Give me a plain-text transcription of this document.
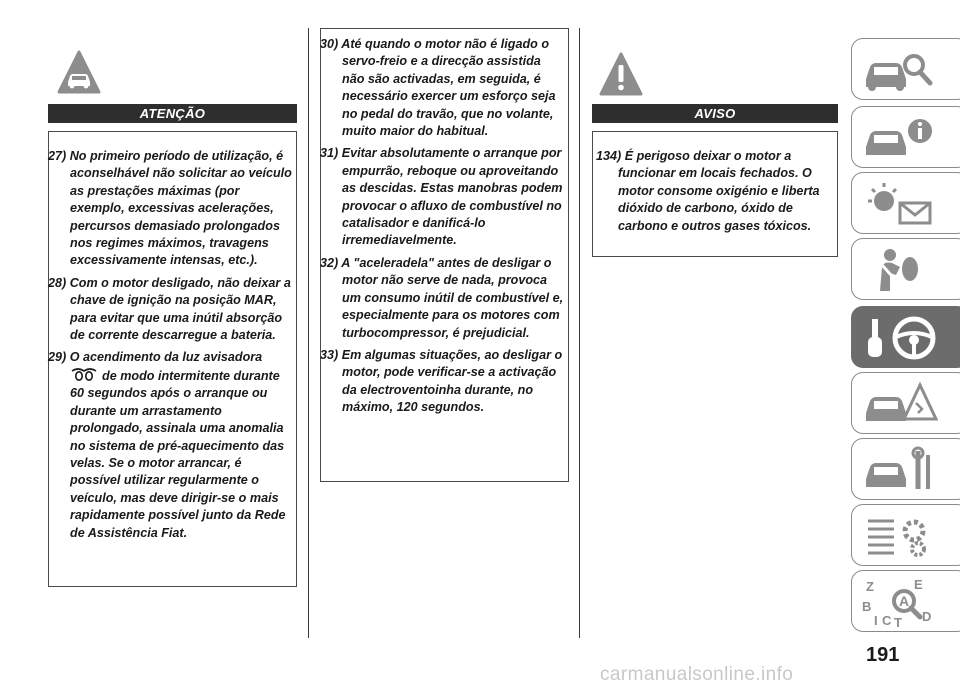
ATENÇÃO

27) No primeiro período de utilização, é aconselhável não solicitar ao veículo as prestações máximas (por exemplo, excessivas acelerações, percursos demasiado prolongados nos regimes máximos, travagens excessivamente intensas, etc.).

28) Com o motor desligado, não deixar a chave de ignição na posição MAR, para evitar que uma inútil absorção de corrente descarregue a bateria.

29) O acendimento da luz avisadora
de modo intermitente durante 60 segundos após o arranque ou durante um arrastamento prolongado, assinala uma anomalia no sistema de pré-aquecimento das velas. Se o motor arrancar, é possível utilizar regularmente o veículo, mas deve dirigir-se o mais rapidamente possível junto da Rede de Assistência Fiat.

30) Até quando o motor não é ligado o servo-freio e a direcção assistida não são activadas, em seguida, é necessário exercer um esforço seja no pedal do travão, que no volante, muito maior do habitual.

31) Evitar absolutamente o arranque por empurrão, reboque ou aproveitando as descidas. Estas manobras podem provocar o afluxo de combustível no catalisador e danificá-lo irremediavelmente.

32) A "aceleradela" antes de desligar o motor não serve de nada, provoca um consumo inútil de combustível e, especialmente para os motores com turbocompressor, é prejudicial.

33) Em algumas situações, ao desligar o motor, pode verificar-se a activação da electroventoinha durante, no máximo, 120 segundos.

AVISO

134) É perigoso deixar o motor a funcionar em locais fechados. O motor consome oxigénio e liberta dióxido de carbono, óxido de carbono e outros gases tóxicos.

Z	E
B
I C T D
A
191
carmanualsonline.info
